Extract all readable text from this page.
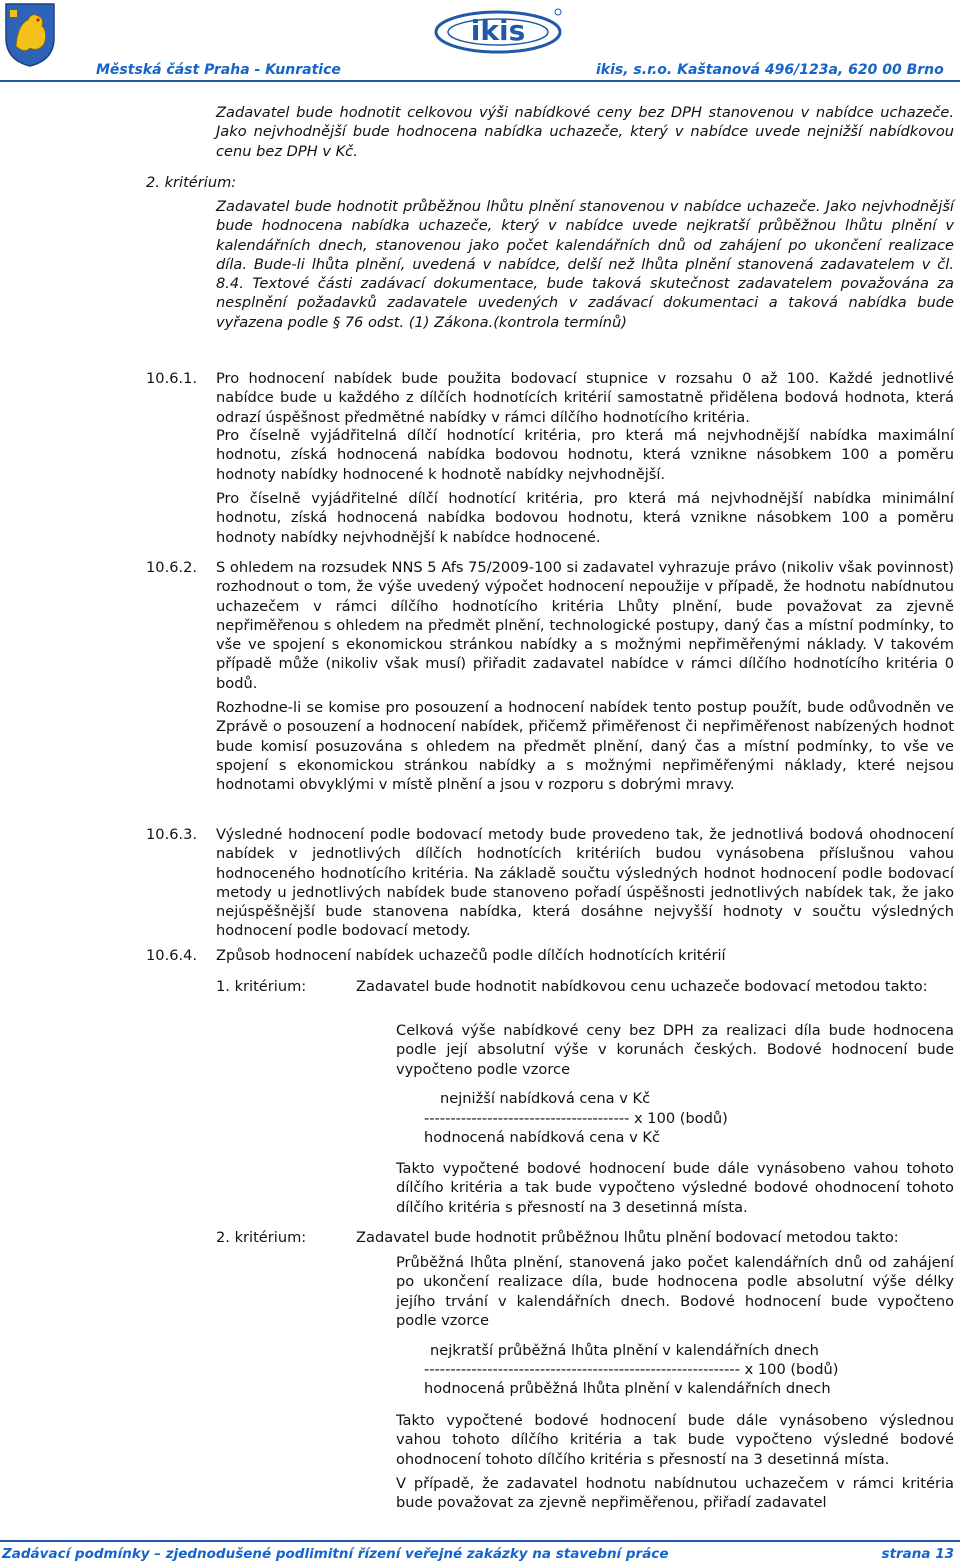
ikis
Městská část Praha - Kunratice	ikis, s.r.o. Kaštanová 496/123a, 620 00 Brno

Zadavatel bude hodnotit celkovou výši nabídkové ceny bez DPH stanovenou v nabídce uchazeče. Jako nejvhodnější bude hodnocena nabídka uchazeče, který v nabídce uvede nejnižší nabídkovou cenu bez DPH v Kč.

2. kritérium:

Zadavatel bude hodnotit průběžnou lhůtu plnění stanovenou v nabídce uchazeče. Jako nejvhodnější bude hodnocena nabídka uchazeče, který v nabídce uvede nejkratší průběžnou lhůtu plnění v kalendářních dnech, stanovenou jako počet kalendářních dnů od zahájení po ukončení realizace díla. Bude-li lhůta plnění, uvedená v nabídce, delší než lhůta plnění stanovená zadavatelem v čl. 8.4. Textové části zadávací dokumentace, bude taková skutečnost zadavatelem považována za nesplnění požadavků zadavatele uvedených v zadávací dokumentaci a taková nabídka bude vyřazena podle § 76 odst. (1) Zákona.(kontrola termínů)

10.6.1. Pro hodnocení nabídek bude použita bodovací stupnice v rozsahu 0 až 100. Každé jednotlivé nabídce bude u každého z dílčích hodnotících kritérií samostatně přidělena bodová hodnota, která odrazí úspěšnost předmětné nabídky v rámci dílčího hodnotícího kritéria.

Pro číselně vyjádřitelná dílčí hodnotící kritéria, pro která má nejvhodnější nabídka maximální hodnotu, získá hodnocená nabídka bodovou hodnotu, která vznikne násobkem 100 a poměru hodnoty nabídky hodnocené k hodnotě nabídky nejvhodnější.

Pro číselně vyjádřitelné dílčí hodnotící kritéria, pro která má nejvhodnější nabídka minimální hodnotu, získá hodnocená nabídka bodovou hodnotu, která vznikne násobkem 100 a poměru hodnoty nabídky nejvhodnější k nabídce hodnocené.

10.6.2. S ohledem na rozsudek NNS 5 Afs 75/2009-100 si zadavatel vyhrazuje právo (nikoliv však povinnost) rozhodnout o tom, že výše uvedený výpočet hodnocení nepoužije v případě, že hodnotu nabídnutou uchazečem v rámci dílčího hodnotícího kritéria Lhůty plnění, bude považovat za zjevně nepřiměřenou s ohledem na předmět plnění, technologické postupy, daný čas a místní podmínky, to vše ve spojení s ekonomickou stránkou nabídky a s možnými nepřiměřenými náklady. V takovém případě může (nikoliv však musí) přiřadit zadavatel nabídce v rámci dílčího hodnotícího kritéria 0 bodů.

Rozhodne-li se komise pro posouzení a hodnocení nabídek tento postup použít, bude odůvodněn ve Zprávě o posouzení a hodnocení nabídek, přičemž přiměřenost či nepřiměřenost nabízených hodnot bude komisí posuzována s ohledem na předmět plnění, daný čas a místní podmínky, to vše ve spojení s ekonomickou stránkou nabídky a s možnými nepřiměřenými náklady, které nejsou hodnotami obvyklými v místě plnění a jsou v rozporu s dobrými mravy.

10.6.3. Výsledné hodnocení podle bodovací metody bude provedeno tak, že jednotlivá bodová ohodnocení nabídek v jednotlivých dílčích hodnotících kritériích budou vynásobena příslušnou vahou hodnoceného hodnotícího kritéria. Na základě součtu výsledných hodnot hodnocení podle bodovací metody u jednotlivých nabídek bude stanoveno pořadí úspěšnosti jednotlivých nabídek tak, že jako nejúspěšnější bude stanovena nabídka, která dosáhne nejvyšší hodnoty v součtu výsledných hodnocení podle bodovací metody.

10.6.4. Způsob hodnocení nabídek uchazečů podle dílčích hodnotících kritérií
1. kritérium:	Zadavatel bude hodnotit nabídkovou cenu uchazeče bodovací metodou takto:

Celková výše nabídkové ceny bez DPH za realizaci díla bude hodnocena podle její absolutní výše v korunách českých. Bodové hodnocení bude vypočteno podle vzorce

nejnižší nabídková cena v Kč
--------------------------------------- x 100 (bodů)
hodnocená nabídková cena v Kč

Takto vypočtené bodové hodnocení bude dále vynásobeno vahou tohoto dílčího kritéria a tak bude vypočteno výsledné bodové ohodnocení tohoto dílčího kritéria s přesností na 3 desetinná místa.

2. kritérium:	Zadavatel bude hodnotit průběžnou lhůtu plnění bodovací metodou takto:

Průběžná lhůta plnění, stanovená jako počet kalendářních dnů od zahájení po ukončení realizace díla, bude hodnocena podle absolutní výše délky jejího trvání v kalendářních dnech. Bodové hodnocení bude vypočteno podle vzorce

nejkratší průběžná lhůta plnění v kalendářních dnech
------------------------------------------------------------ x 100 (bodů)
hodnocená průběžná lhůta plnění v kalendářních dnech

Takto vypočtené bodové hodnocení bude dále vynásobeno výslednou vahou tohoto dílčího kritéria a tak bude vypočteno výsledné bodové ohodnocení tohoto dílčího kritéria s přesností na 3 desetinná místa.

V případě, že zadavatel hodnotu nabídnutou uchazečem v rámci kritéria bude považovat za zjevně nepřiměřenou, přiřadí zadavatel

Zadávací podmínky – zjednodušené podlimitní řízení veřejné zakázky na stavební práce	strana 13
